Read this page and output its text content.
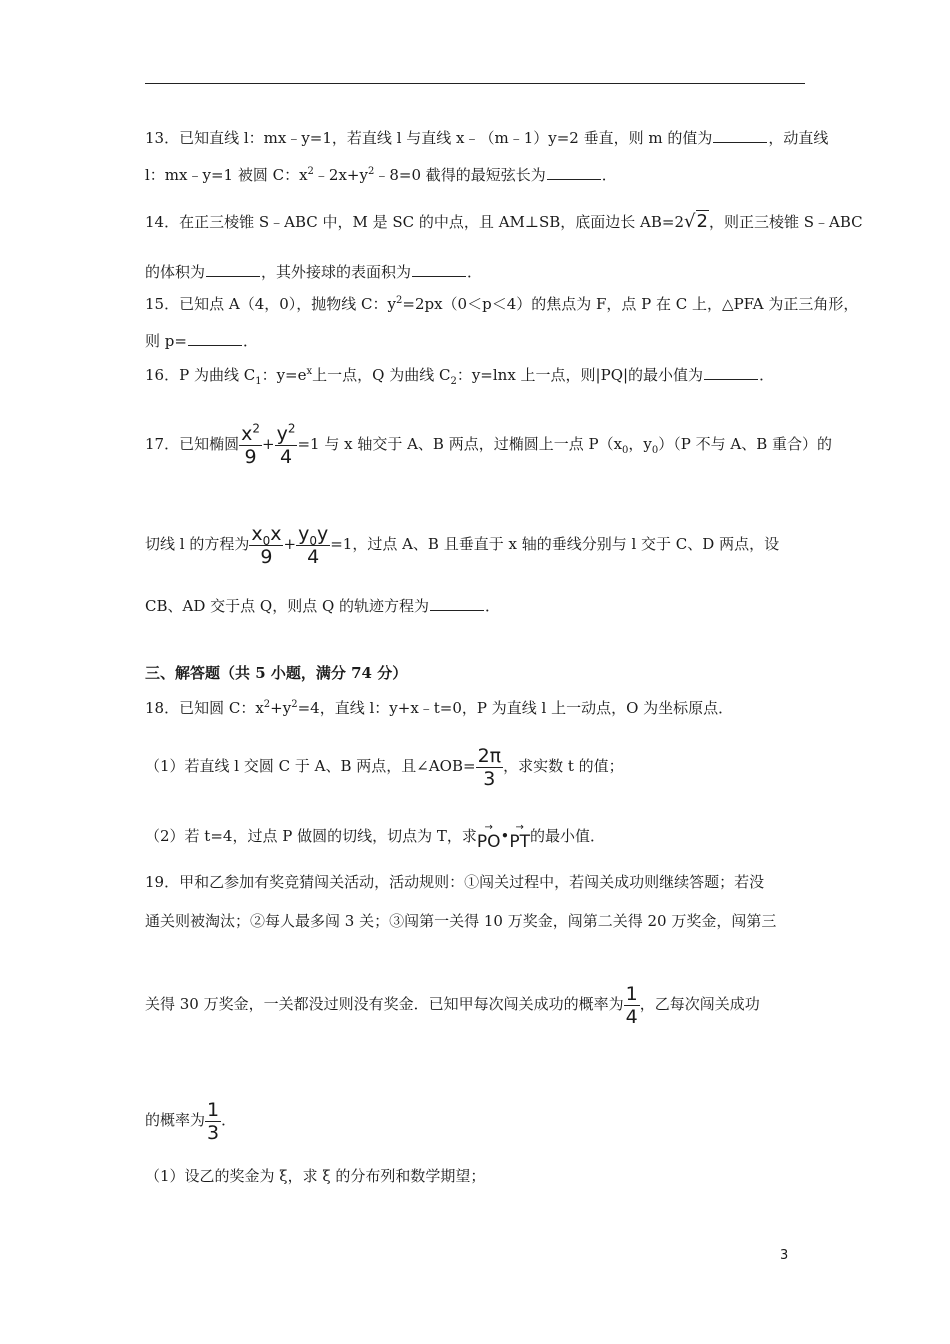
13．已知直线 l：mx﹣y=1，若直线 l 与直线 x﹣（m﹣1）y=2 垂直，则 m 的值为	，动直线
l：mx﹣y=1 被圆 C：$x^2﹣2x+y^2﹣8=0$ 截得的最短弦长为	．
14．在正三棱锥 S﹣ABC 中，M 是 SC 的中点，且 AM⊥SB，底面边长 AB=2√2，则正三棱锥 S﹣ABC
的体积为	，其外接球的表面积为	．
15．已知点 A（4，0），抛物线 C：$y^2=2px(0<p<4)$的焦点为 F，点 P 在 C 上，△PFA 为正三角形，
则 p=	．
16．P 为曲线 $C_1$：$y=e^x$上一点，Q 为曲线 $C_2$：y=lnx 上一点，则|PQ|的最小值为	．
17．已知椭圆 $\frac{x^2}{9} + \frac{y^2}{4} =1$ 与 x 轴交于 A、B 两点，过椭圆上一点 $P(x_0$，$y_0)(P$ 不与 A、B 重合）的
切线 l 的方程为 $\frac{x_0x}{9} + \frac{y_0y}{4} =1$，过点 A、B 且垂直于 x 轴的垂线分别与 l 交于 C、D 两点，设
CB、AD 交于点 Q，则点 Q 的轨迹方程为	．
三、解答题（共 5 小题，满分 74 分）
18．已知圆 C：$x^2+y^2=4$，直线 l：y+x﹣t=0，P 为直线 l 上一动点，O 为坐标原点．
（1）若直线 l 交圆 C 于 A、B 两点，且∠AOB= $\frac{2\pi}{3}$ ，求实数 t 的值；
（2）若 t=4，过点 P 做圆的切线，切点为 T，求 →
PO• →
PT的最小值．
19．甲和乙参加有奖竞猜闯关活动，活动规则：①闯关过程中，若闯关成功则继续答题；若没
通关则被淘汰；②每人最多闯 3 关；③闯第一关得 10 万奖金，闯第二关得 20 万奖金，闯第三
关得 30 万奖金，一关都没过则没有奖金．已知甲每次闯关成功的概率为 $\frac{1}{4}$ ，乙每次闯关成功
的概率为 $\frac{1}{3}$ ．
（1）设乙的奖金为 ξ，求 ξ 的分布列和数学期望；
3
